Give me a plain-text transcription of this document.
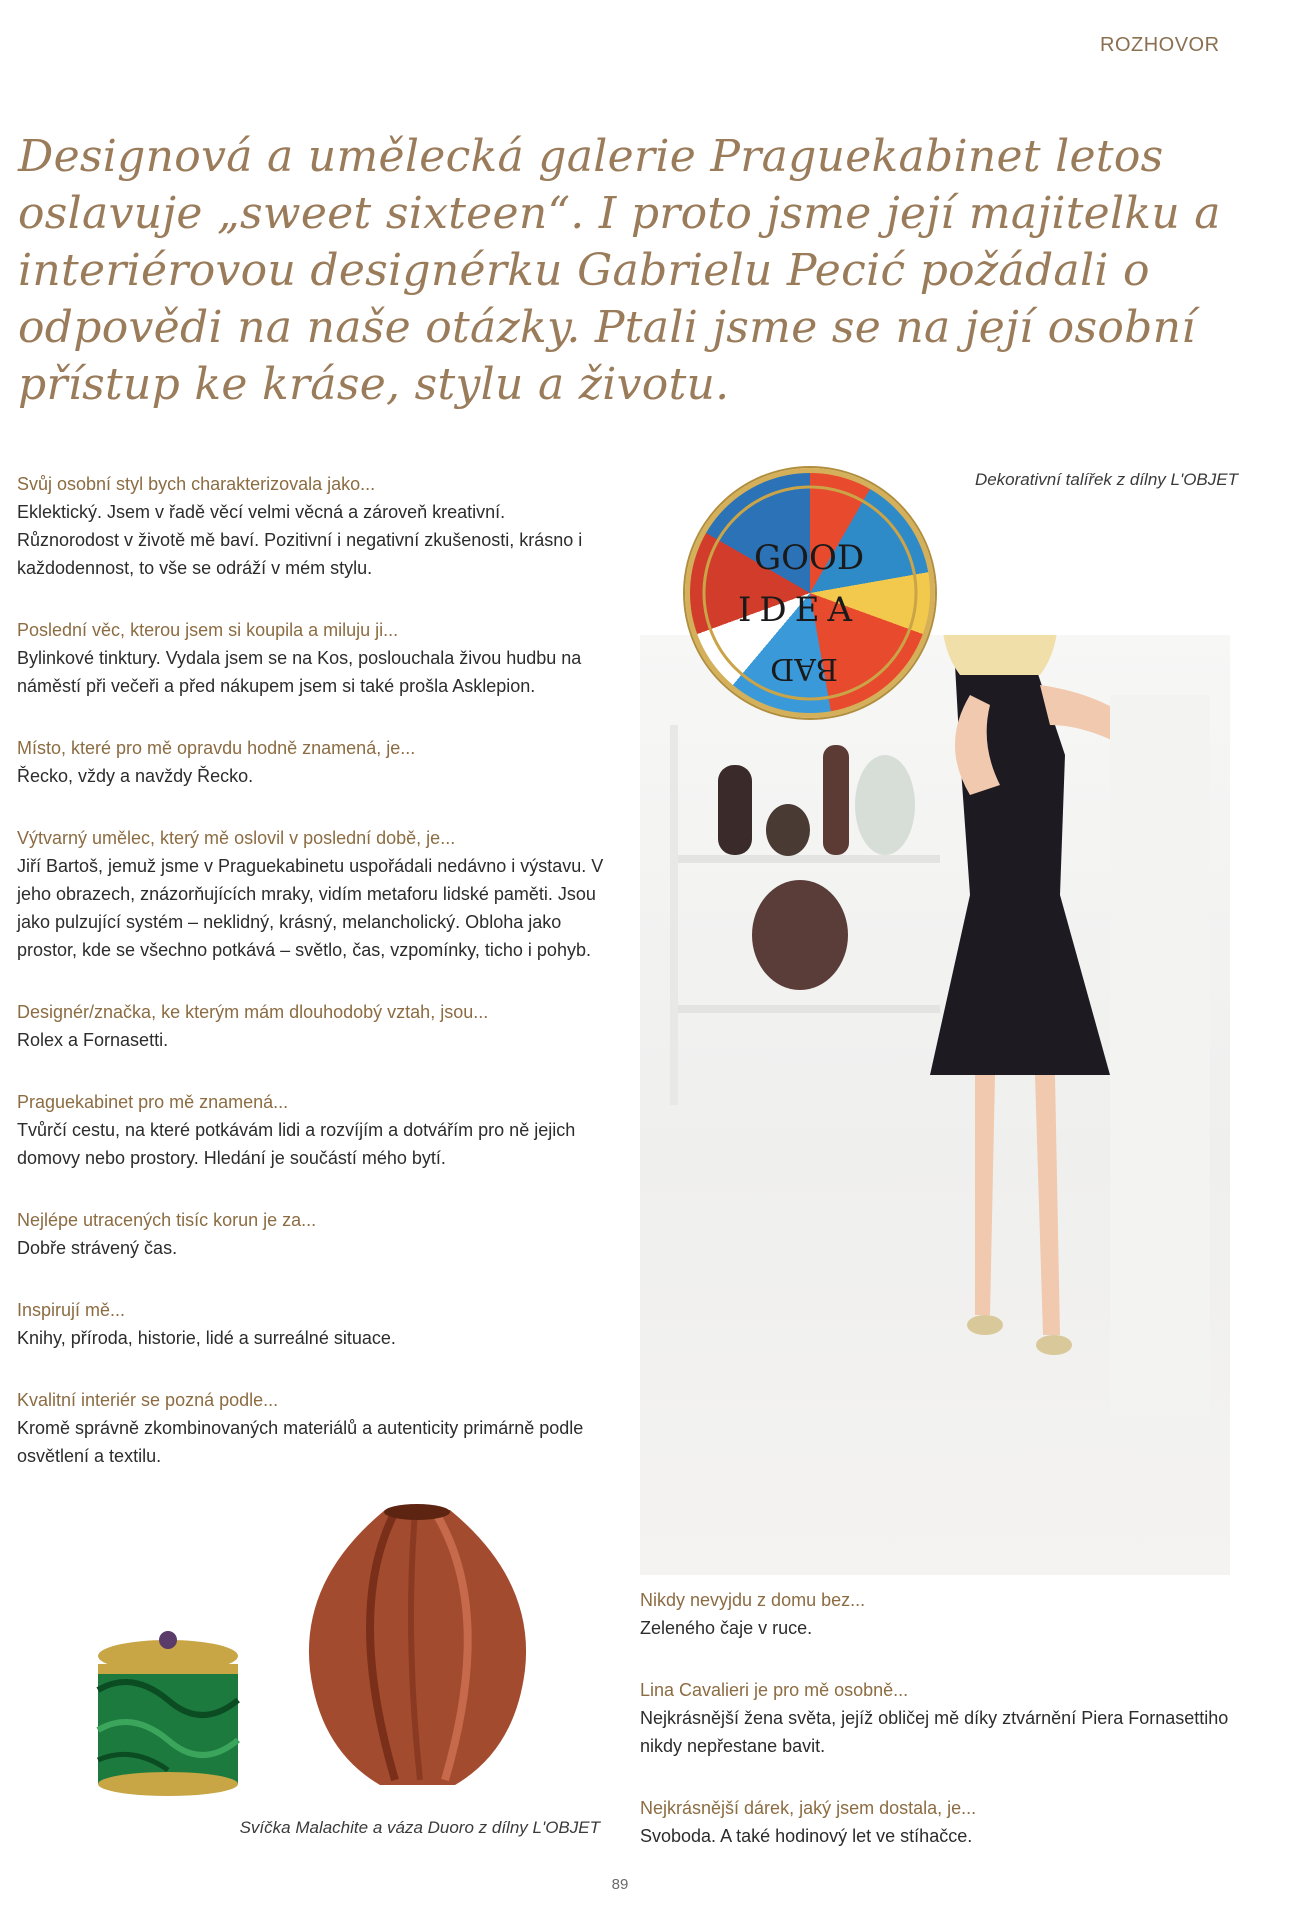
ROZHOVOR
Designová a umělecká galerie Praguekabinet letos oslavuje „sweet sixteen“. I proto jsme její majitelku a interiérovou designérku Gabrielu Pecić požádali o odpovědi na naše otázky. Ptali jsme se na její osobní přístup ke kráse, stylu a životu.
Svůj osobní styl bych charakterizovala jako...
Eklektický. Jsem v řadě věcí velmi věcná a zároveň kreativní. Různorodost v životě mě baví. Pozitivní i negativní zkušenosti, krásno i každodennost, to vše se odráží v mém stylu.
Poslední věc, kterou jsem si koupila a miluju ji...
Bylinkové tinktury. Vydala jsem se na Kos, poslouchala živou hudbu na náměstí při večeři a před nákupem jsem si také prošla Asklepion.
Místo, které pro mě opravdu hodně znamená, je...
Řecko, vždy a navždy Řecko.
Výtvarný umělec, který mě oslovil v poslední době, je...
Jiří Bartoš, jemuž jsme v Praguekabinetu uspořádali nedávno i výstavu. V jeho obrazech, znázorňujících mraky, vidím metaforu lidské paměti. Jsou jako pulzující systém – neklidný, krásný, melancholický. Obloha jako prostor, kde se všechno potkává – světlo, čas, vzpomínky, ticho i pohyb.
Designér/značka, ke kterým mám dlouhodobý vztah, jsou...
Rolex a Fornasetti.
Praguekabinet pro mě znamená...
Tvůrčí cestu, na které potkávám lidi a rozvíjím a dotvářím pro ně jejich domovy nebo prostory. Hledání je součástí mého bytí.
Nejlépe utracených tisíc korun je za...
Dobře strávený čas.
Inspirují mě...
Knihy, příroda, historie, lidé a surreálné situace.
Kvalitní interiér se pozná podle...
Kromě správně zkombinovaných materiálů a autenticity primárně podle osvětlení a textilu.
Dekorativní talířek z dílny L'OBJET
GOOD
IDEA
BAD
Svíčka Malachite a váza Duoro z dílny L'OBJET
Nikdy nevyjdu z domu bez...
Zeleného čaje v ruce.
Lina Cavalieri je pro mě osobně...
Nejkrásnější žena světa, jejíž obličej mě díky ztvárnění Piera Fornasettiho nikdy nepřestane bavit.
Nejkrásnější dárek, jaký jsem dostala, je...
Svoboda. A také hodinový let ve stíhačce.
89
